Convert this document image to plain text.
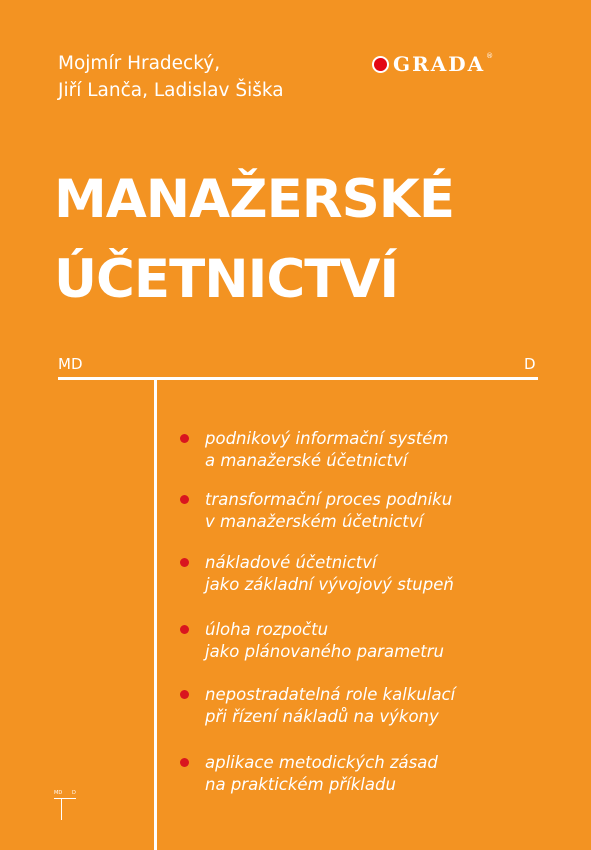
Mojmír Hradecký,
Jiří Lanča, Ladislav Šiška
GRADA ®
MANAŽERSKÉ
ÚČETNICTVÍ
MD	D
podnikový informační systém
a manažerské účetnictví
transformační proces podniku
v manažerském účetnictví
nákladové účetnictví
jako základní vývojový stupeň
úloha rozpočtu
jako plánovaného parametru
nepostradatelná role kalkulací
při řízení nákladů na výkony
aplikace metodických zásad
na praktickém příkladu
MD D
